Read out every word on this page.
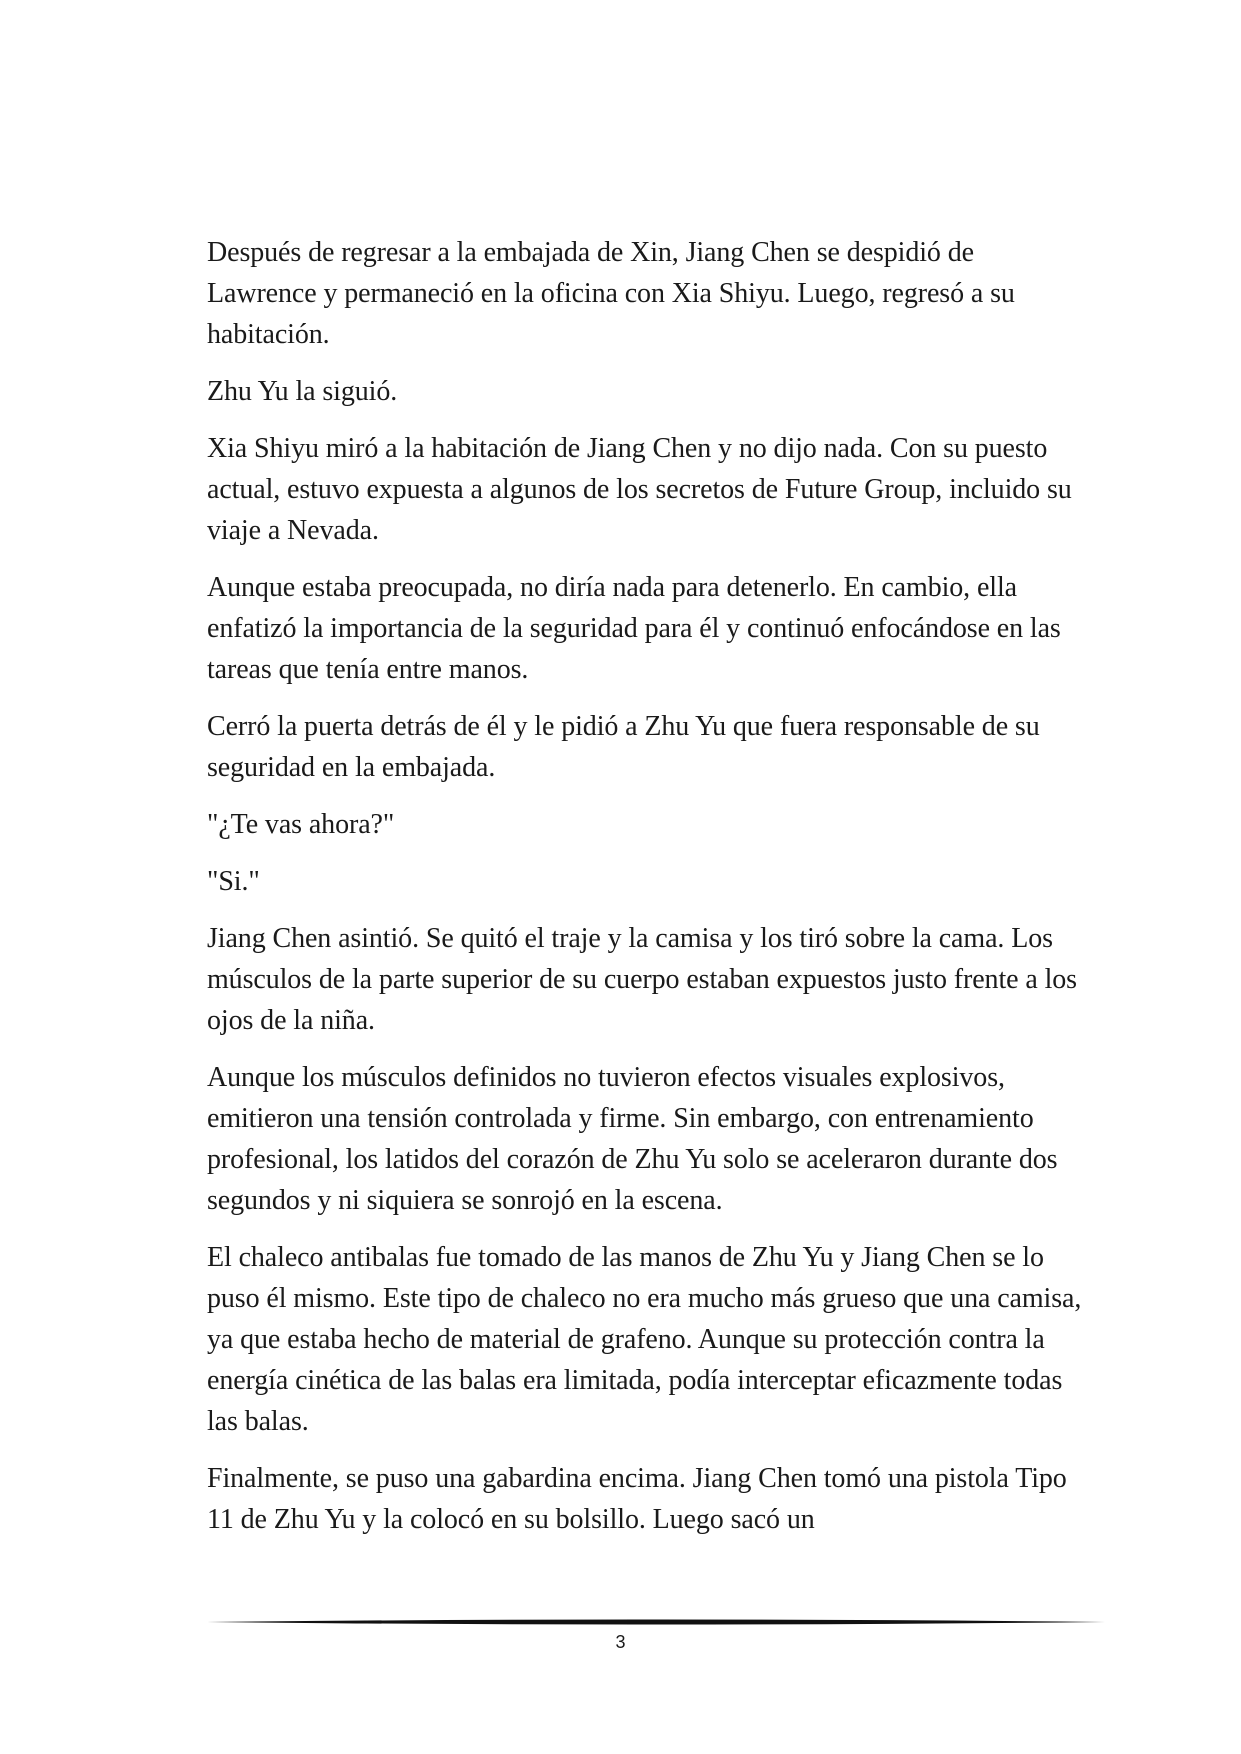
Después de regresar a la embajada de Xin, Jiang Chen se despidió de Lawrence y permaneció en la oficina con Xia Shiyu. Luego, regresó a su habitación.

Zhu Yu la siguió.

Xia Shiyu miró a la habitación de Jiang Chen y no dijo nada. Con su puesto actual, estuvo expuesta a algunos de los secretos de Future Group, incluido su viaje a Nevada.

Aunque estaba preocupada, no diría nada para detenerlo. En cambio, ella enfatizó la importancia de la seguridad para él y continuó enfocándose en las tareas que tenía entre manos.

Cerró la puerta detrás de él y le pidió a Zhu Yu que fuera responsable de su seguridad en la embajada.

"¿Te vas ahora?"

"Si."

Jiang Chen asintió. Se quitó el traje y la camisa y los tiró sobre la cama. Los músculos de la parte superior de su cuerpo estaban expuestos justo frente a los ojos de la niña.

Aunque los músculos definidos no tuvieron efectos visuales explosivos, emitieron una tensión controlada y firme. Sin embargo, con entrenamiento profesional, los latidos del corazón de Zhu Yu solo se aceleraron durante dos segundos y ni siquiera se sonrojó en la escena.

El chaleco antibalas fue tomado de las manos de Zhu Yu y Jiang Chen se lo puso él mismo. Este tipo de chaleco no era mucho más grueso que una camisa, ya que estaba hecho de material de grafeno. Aunque su protección contra la energía cinética de las balas era limitada, podía interceptar eficazmente todas las balas.

Finalmente, se puso una gabardina encima. Jiang Chen tomó una pistola Tipo 11 de Zhu Yu y la colocó en su bolsillo. Luego sacó un

3
